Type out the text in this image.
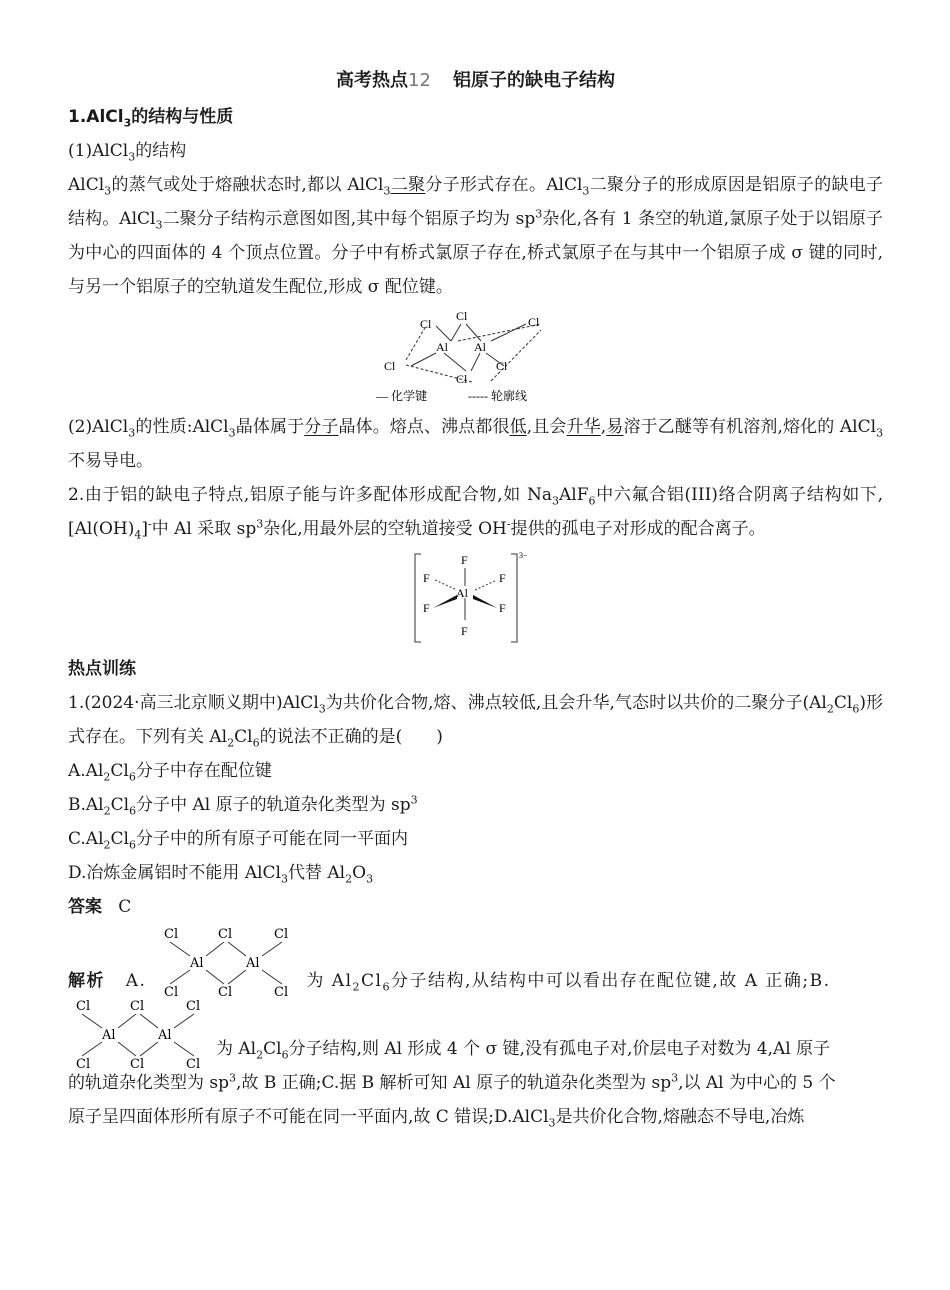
高考热点12 铝原子的缺电子结构

1.AlCl$_3$的结构与性质

(1)AlCl$_3$的结构

AlCl$_3$的蒸气或处于熔融状态时,都以 AlCl$_3$二聚分子形式存在。AlCl$_3$二聚分子的形成原因是铝原子的缺电子结构。AlCl$_3$二聚分子结构示意图如图,其中每个铝原子均为 $sp^3$杂化,各有 1 条空的轨道,氯原子处于以铝原子为中心的四面体的 4 个顶点位置。分子中有桥式氯原子存在,桥式氯原子在与其中一个铝原子成 σ 键的同时,与另一个铝原子的空轨道发生配位,形成 σ 配位键。

Cl
Cl	Cl
Al Al
Cl
Cl
Cl
— 化学键	----- 轮廓线

(2)AlCl$_3$的性质:AlCl$_3$晶体属于分子晶体。熔点、沸点都很低,且会升华,易溶于乙醚等有机溶剂,熔化的 AlCl$_3$不易导电。

2.由于铝的缺电子特点,铝原子能与许多配体形成配合物,如 $Na_3AlF_6$中六氟合铝(III)络合阴离子结构如下$,[Al(OH)_4]^-$中 Al 采取 $sp^3$杂化,用最外层的空轨道接受 OH-提供的孤电子对形成的配合离子。

F
F	F
Al
F	F
F
3−

热点训练

1.(2024·高三北京顺义期中)AlCl$_3$为共价化合物,熔、沸点较低,且会升华,气态时以共价的二聚分子$(Al_2Cl_6)$形式存在。下列有关 $Al_2Cl_6$的说法不正确的是(　　)

$A.Al_2Cl_6$分子中存在配位键

$B.Al_2Cl_6$分子中 Al 原子的轨道杂化类型为 $sp^3$

$C.Al_2Cl_6$分子中的所有原子可能在同一平面内

D.冶炼金属铝时不能用 AlCl$_3$代替 $Al_2O_3$

答案 C

Cl	Cl	Cl
Al	Al
Cl	Cl	Cl
解析 A.	为 $Al_2Cl_6$分子结构,从结构中可以看出存在配位键,故 A 正确;B.
Cl	Cl	Cl
Al	Al
Cl	Cl	Cl
为 $Al_2Cl_6$分子结构,则 Al 形成 4 个 σ 键,没有孤电子对,价层电子对数为 4,Al 原子

的轨道杂化类型为 $sp^3$,故 B 正确;C.据 B 解析可知 Al 原子的轨道杂化类型为 $sp^3$,以 Al 为中心的 5 个

原子呈四面体形所有原子不可能在同一平面内,故 C 错误;D.AlCl$_3$是共价化合物,熔融态不导电,冶炼
